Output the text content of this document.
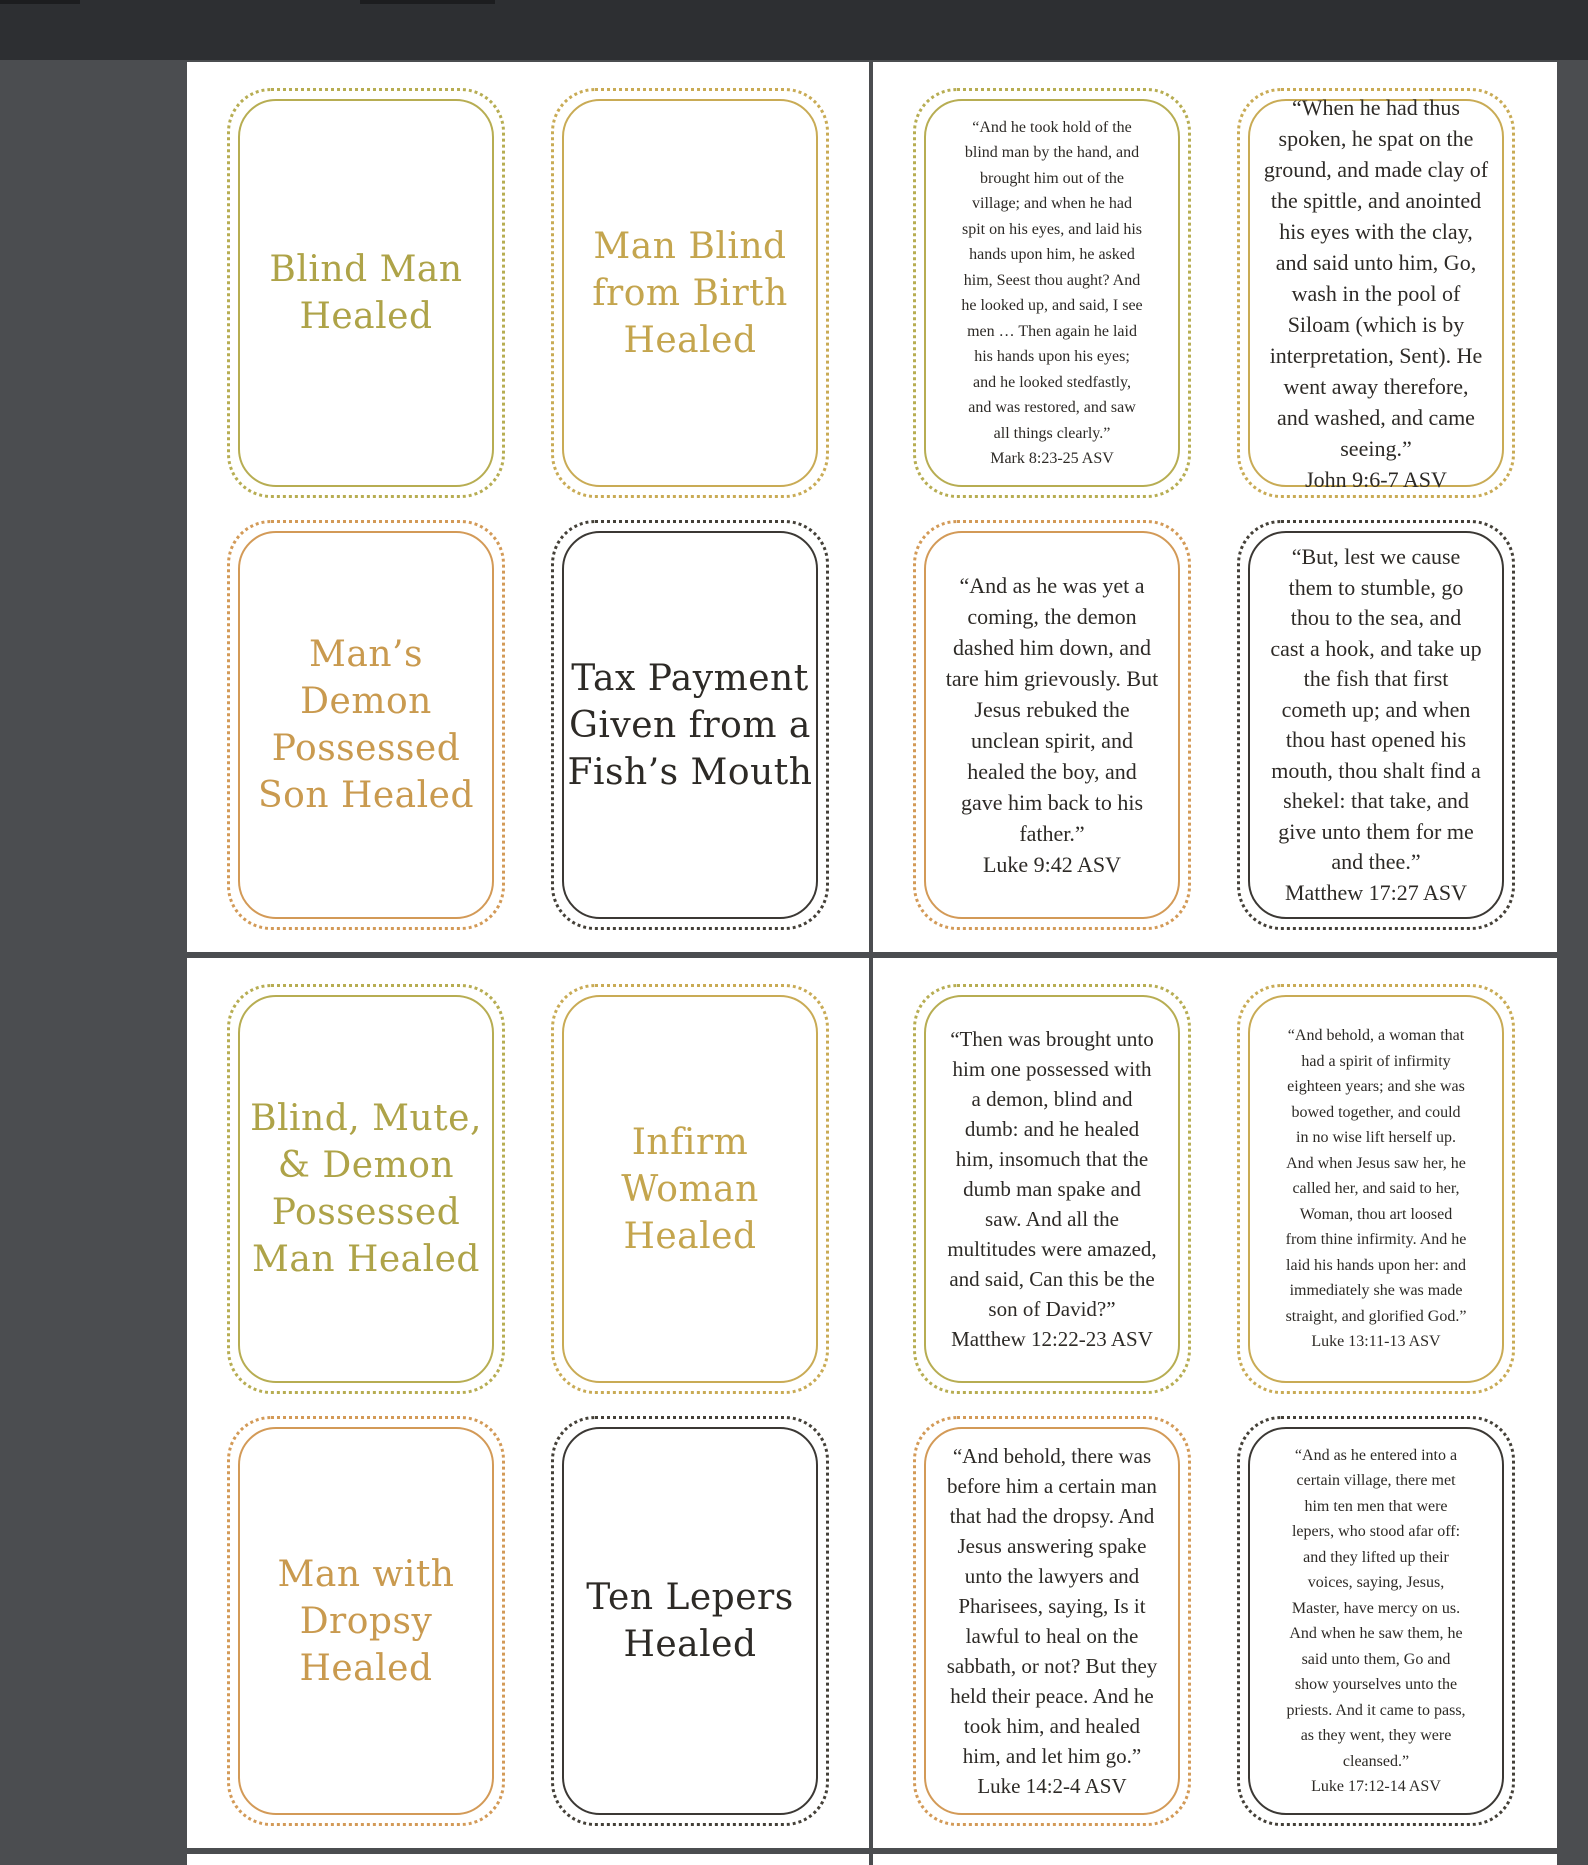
Blind Man
Healed
Man Blind
from Birth
Healed
Man’s Demon
Possessed
Son Healed
Tax Payment
Given from a
Fish’s Mouth

“And he took hold of the
blind man by the hand, and
brought him out of the
village; and when he had
spit on his eyes, and laid his
hands upon him, he asked
him, Seest thou aught? And
he looked up, and said, I see
men … Then again he laid
his hands upon his eyes;
and he looked stedfastly,
and was restored, and saw
all things clearly.”

Mark 8:23-25 ASV

“When he had thus
spoken, he spat on the
ground, and made clay of
the spittle, and anointed
his eyes with the clay,
and said unto him, Go,
wash in the pool of
Siloam (which is by
interpretation, Sent). He
went away therefore,
and washed, and came
seeing.”

John 9:6-7 ASV

“And as he was yet a
coming, the demon
dashed him down, and
tare him grievously. But
Jesus rebuked the
unclean spirit, and
healed the boy, and
gave him back to his
father.”

Luke 9:42 ASV

“But, lest we cause
them to stumble, go
thou to the sea, and
cast a hook, and take up
the fish that first
cometh up; and when
thou hast opened his
mouth, thou shalt find a
shekel: that take, and
give unto them for me
and thee.”

Matthew 17:27 ASV

Blind, Mute,
& Demon
Possessed
Man Healed
Infirm
Woman
Healed
Man with
Dropsy
Healed
Ten Lepers
Healed

“Then was brought unto
him one possessed with
a demon, blind and
dumb: and he healed
him, insomuch that the
dumb man spake and
saw. And all the
multitudes were amazed,
and said, Can this be the
son of David?”

Matthew 12:22-23 ASV

“And behold, a woman that
had a spirit of infirmity
eighteen years; and she was
bowed together, and could
in no wise lift herself up.
And when Jesus saw her, he
called her, and said to her,
Woman, thou art loosed
from thine infirmity. And he
laid his hands upon her: and
immediately she was made
straight, and glorified God.”

Luke 13:11-13 ASV

“And behold, there was
before him a certain man
that had the dropsy. And
Jesus answering spake
unto the lawyers and
Pharisees, saying, Is it
lawful to heal on the
sabbath, or not? But they
held their peace. And he
took him, and healed
him, and let him go.”

Luke 14:2-4 ASV

“And as he entered into a
certain village, there met
him ten men that were
lepers, who stood afar off:
and they lifted up their
voices, saying, Jesus,
Master, have mercy on us.
And when he saw them, he
said unto them, Go and
show yourselves unto the
priests. And it came to pass,
as they went, they were
cleansed.”

Luke 17:12-14 ASV
